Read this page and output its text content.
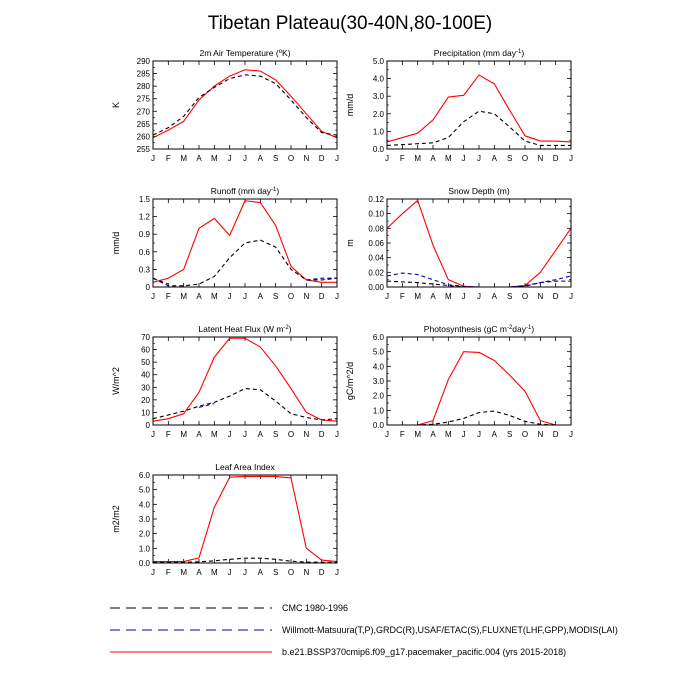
Tibetan Plateau(30-40N,80-100E)
2m Air Temperature ($^o$K)
K
255
260
265
270
275
280
285
290
J F M A M J J A S O N D J
Precipitation (mm day$^{-1}$)
mm/d
0.0
1.0
2.0
3.0
4.0
5.0
J F M A M J J A S O N D J
Runoff (mm day$^{-1}$)
mm/d
0
0.3
0.6
0.9
1.2
1.5
J F M A M J J A S O N D J
Snow Depth (m)
m
0.00
0.02
0.04
0.06
0.08
0.10
0.12
J F M A M J J A S O N D J
Latent Heat Flux (W $m^{-2}$)
W/m^2
0
10
20
30
40
50
60
70
J F M A M J J A S O N D J
Photosynthesis (gC $m^{-2}day^{-1}$)
gC/m^2/d
0.0
1.0
2.0
3.0
4.0
5.0
6.0
J F M A M J J A S O N D J
Leaf Area Index
m2/m2
0.0
1.0
2.0
3.0
4.0
5.0
6.0
J F M A M J J A S O N D J
CMC 1980-1996
Willmott-Matsuura(T,P),GRDC(R),USAF/ETAC(S),FLUXNET(LHF,GPP),MODIS(LAI)
b.e21.BSSP370cmip6.f09_g17.pacemaker_pacific.004 (yrs 2015-2018)
